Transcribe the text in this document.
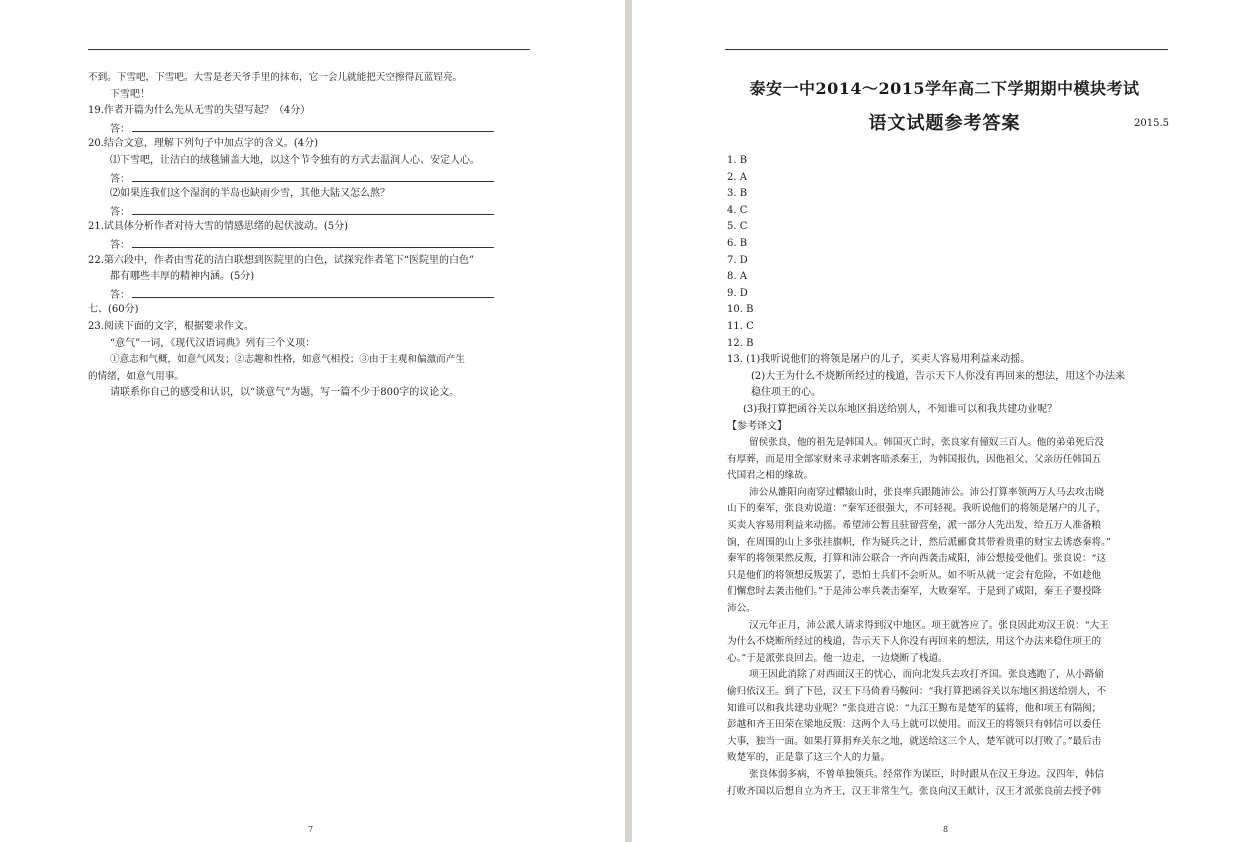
不到。下雪吧，下雪吧。大雪是老天爷手里的抹布，它一会儿就能把天空擦得瓦蓝锃亮。
下雪吧！
19.作者开篇为什么先从无雪的失望写起？（4分）
答：
20.结合文意，理解下列句子中加点字的含义。(4分)
⑴下雪吧，让洁白的绒毯铺盖大地，以这个节令独有的方式去温润人心、安定人心。
答：
⑵如果连我们这个湿润的半岛也缺雨少雪，其他大陆又怎么熬？
答：
21.试具体分析作者对待大雪的情感思绪的起伏波动。(5分)
答：
22.第六段中，作者由雪花的洁白联想到医院里的白色，试探究作者笔下“医院里的白色”
都有哪些丰厚的精神内涵。(5分)
答：
七、(60分)
23.阅读下面的文字，根据要求作文。
“意气”一词，《现代汉语词典》列有三个义项：
①意志和气概，如意气风发；②志趣和性格，如意气相投；③由于主观和偏激而产生
的情绪，如意气用事。
请联系你自己的感受和认识，以“谈意气”为题，写一篇不少于800字的议论文。
7
泰安一中2014～2015学年高二下学期期中模块考试
语文试题参考答案	2015.5
1. B
2. A
3. B
4. C
5. C
6. B
7. D
8. A
9. D
10. B
11. C
12. B
13. (1)我听说他们的将领是屠户的儿子，买卖人容易用利益来动摇。
(2)大王为什么不烧断所经过的栈道，告示天下人你没有再回来的想法，用这个办法来
稳住项王的心。
(3)我打算把函谷关以东地区捐送给别人，不知谁可以和我共建功业呢？
【参考译文】
留侯张良，他的祖先是韩国人。韩国灭亡时，张良家有僮奴三百人。他的弟弟死后没
有厚葬，而是用全部家财来寻求刺客暗杀秦王，为韩国报仇，因他祖父、父亲历任韩国五
代国君之相的缘故。
沛公从雒阳向南穿过轘辕山时，张良率兵跟随沛公。沛公打算率领两万人马去攻击晓
山下的秦军，张良劝说道：“秦军还很强大，不可轻视。我听说他们的将领是屠户的儿子，
买卖人容易用利益来动摇。希望沛公暂且驻留营垒，派一部分人先出发，给五万人准备粮
饷，在周围的山上多张挂旗帜，作为疑兵之计，然后派郦食其带着贵重的财宝去诱惑秦将。”
秦军的将领果然反叛，打算和沛公联合一齐向西袭击咸阳，沛公想接受他们。张良说：“这
只是他们的将领想反叛罢了，恐怕士兵们不会听从。如不听从就一定会有危险，不如趁他
们懈怠时去袭击他们。”于是沛公率兵袭击秦军，大败秦军。于是到了咸阳，秦王子婴投降
沛公。
汉元年正月，沛公派人请求得到汉中地区。项王就答应了。张良因此劝汉王说：“大王
为什么不烧断所经过的栈道，告示天下人你没有再回来的想法，用这个办法来稳住项王的
心。”于是派张良回去。他一边走，一边烧断了栈道。
项王因此消除了对西面汉王的忧心，而向北发兵去攻打齐国。张良逃跑了，从小路偷
偷归依汉王。到了下邑，汉王下马倚着马鞍问：“我打算把函谷关以东地区捐送给别人，不
知谁可以和我共建功业呢？”张良进言说：“九江王黥布是楚军的猛将，他和项王有隔阂；
彭越和齐王田荣在梁地反叛：这两个人马上就可以使用。而汉王的将领只有韩信可以委任
大事，独当一面。如果打算捐弃关东之地，就送给这三个人，楚军就可以打败了。”最后击
败楚军的，正是靠了这三个人的力量。
张良体弱多病，不曾单独领兵。经常作为谋臣，时时跟从在汉王身边。汉四年，韩信
打败齐国以后想自立为齐王，汉王非常生气。张良向汉王献计，汉王才派张良前去授予韩
8
